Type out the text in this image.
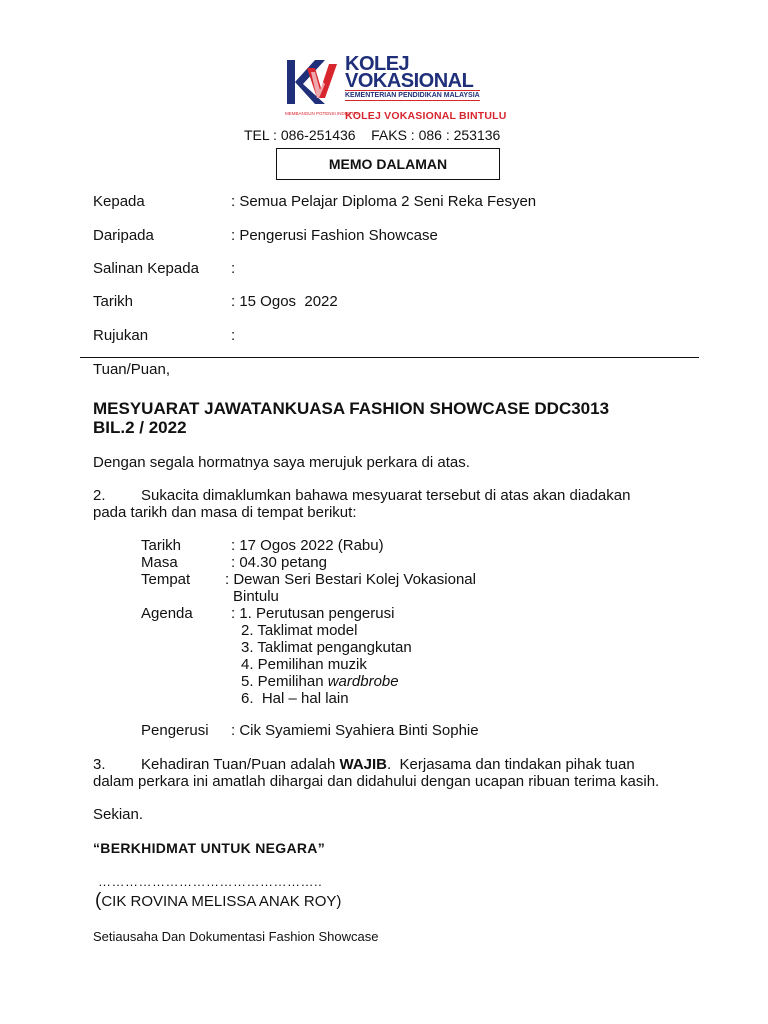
MEMBANGUN POTENSI INDUSTRI
KOLEJ
VOKASIONAL
KEMENTERIAN PENDIDIKAN MALAYSIA
KOLEJ VOKASIONAL BINTULU
TEL : 086-251436    FAKS : 086 : 253136
MEMO DALAMAN
Kepada	: Semua Pelajar Diploma 2 Seni Reka Fesyen
Daripada	: Pengerusi Fashion Showcase
Salinan Kepada :
Tarikh	: 15 Ogos  2022
Rujukan	:
Tuan/Puan,
MESYUARAT JAWATANKUASA FASHION SHOWCASE DDC3013
BIL.2 / 2022
Dengan segala hormatnya saya merujuk perkara di atas.
2. Sukacita dimaklumkan bahawa mesyuarat tersebut di atas akan diadakan
pada tarikh dan masa di tempat berikut:
Tarikh	: 17 Ogos 2022 (Rabu)
Masa	: 04.30 petang
Tempat : Dewan Seri Bestari Kolej Vokasional
Bintulu
Agenda	: 1. Perutusan pengerusi
2. Taklimat model
3. Taklimat pengangkutan
4. Pemilihan muzik
5. Pemilihan wardbrobe
6.  Hal – hal lain
Pengerusi : Cik Syamiemi Syahiera Binti Sophie
3. Kehadiran Tuan/Puan adalah WAJIB.  Kerjasama dan tindakan pihak tuan
dalam perkara ini amatlah dihargai dan didahului dengan ucapan ribuan terima kasih.
Sekian.
“BERKHIDMAT UNTUK NEGARA”
…………………………………………..
(CIK ROVINA MELISSA ANAK ROY)
Setiausaha Dan Dokumentasi Fashion Showcase
